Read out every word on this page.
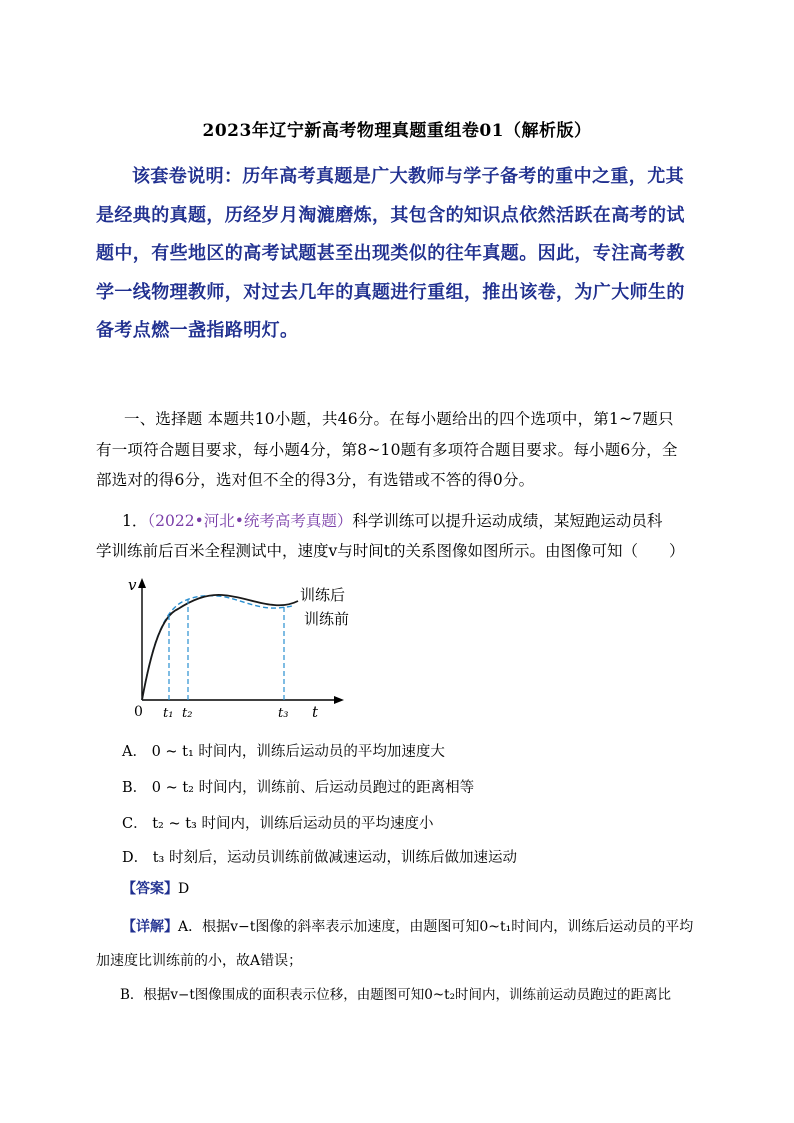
2023年辽宁新高考物理真题重组卷01（解析版）
该套卷说明：历年高考真题是广大教师与学子备考的重中之重，尤其
是经典的真题，历经岁月淘漉磨炼，其包含的知识点依然活跃在高考的试
题中，有些地区的高考试题甚至出现类似的往年真题。因此，专注高考教
学一线物理教师，对过去几年的真题进行重组，推出该卷，为广大师生的
备考点燃一盏指路明灯。
一、选择题 本题共10小题，共46分。在每小题给出的四个选项中，第1~7题只
有一项符合题目要求，每小题4分，第8~10题有多项符合题目要求。每小题6分，全
部选对的得6分，选对但不全的得3分，有选错或不答的得0分。
1．（2022•河北•统考高考真题）科学训练可以提升运动成绩，某短跑运动员科
学训练前后百米全程测试中，速度v与时间t的关系图像如图所示。由图像可知（　　）
v
t
0 t₁ t₂	t₃
训练后
训练前
A． 0 ~ t₁ 时间内，训练后运动员的平均加速度大
B． 0 ~ t₂ 时间内，训练前、后运动员跑过的距离相等
C． t₂ ~ t₃ 时间内，训练后运动员的平均速度小
D． t₃ 时刻后，运动员训练前做减速运动，训练后做加速运动
【答案】D
【详解】A．根据v−t图像的斜率表示加速度，由题图可知0~t₁时间内，训练后运动员的平均
加速度比训练前的小，故A错误；
B．根据v−t图像围成的面积表示位移，由题图可知0~t₂时间内，训练前运动员跑过的距离比
